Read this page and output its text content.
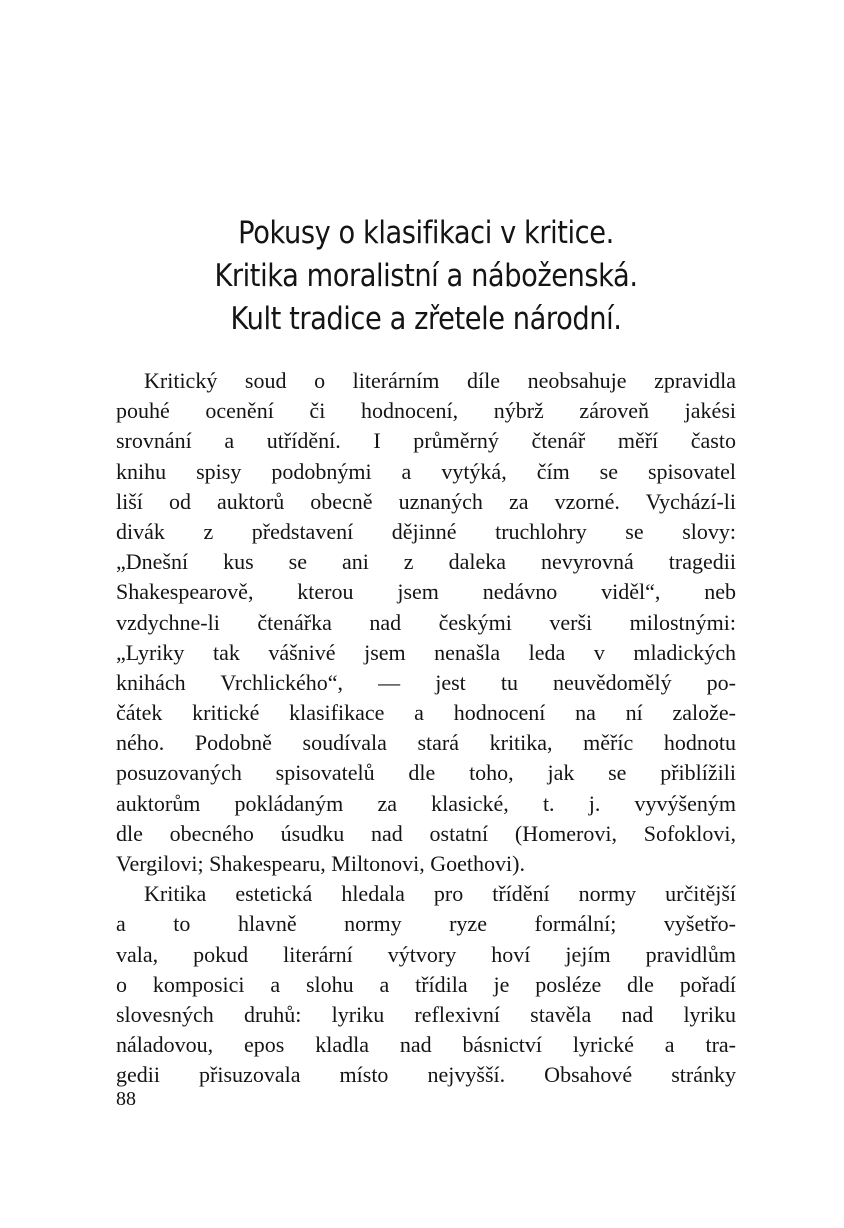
Pokusy o klasifikaci v kritice.
Kritika moralistní a náboženská.
Kult tradice a zřetele národní.
Kritický soud o literárním díle neobsahuje zpravidla
pouhé ocenění či hodnocení, nýbrž zároveň jakési
srovnání a utřídění. I průměrný čtenář měří často
knihu spisy podobnými a vytýká, čím se spisovatel
liší od auktorů obecně uznaných za vzorné. Vychází-li
divák z představení dějinné truchlohry se slovy:
„Dnešní kus se ani z daleka nevyrovná tragedii
Shakespearově, kterou jsem nedávno viděl“, neb
vzdychne-li čtenářka nad českými verši milostnými:
„Lyriky tak vášnivé jsem nenašla leda v mladických
knihách Vrchlického“, — jest tu neuvědomělý po-
čátek kritické klasifikace a hodnocení na ní založe-
ného. Podobně soudívala stará kritika, měříc hodnotu
posuzovaných spisovatelů dle toho, jak se přiblížili
auktorům pokládaným za klasické, t. j. vyvýšeným
dle obecného úsudku nad ostatní (Homerovi, Sofoklovi,
Vergilovi; Shakespearu, Miltonovi, Goethovi).
Kritika estetická hledala pro třídění normy určitější
a to hlavně normy ryze formální; vyšetřo-
vala, pokud literární výtvory hoví jejím pravidlům
o komposici a slohu a třídila je posléze dle pořadí
slovesných druhů: lyriku reflexivní stavěla nad lyriku
náladovou, epos kladla nad básnictví lyrické a tra-
gedii přisuzovala místo nejvyšší. Obsahové stránky
88
